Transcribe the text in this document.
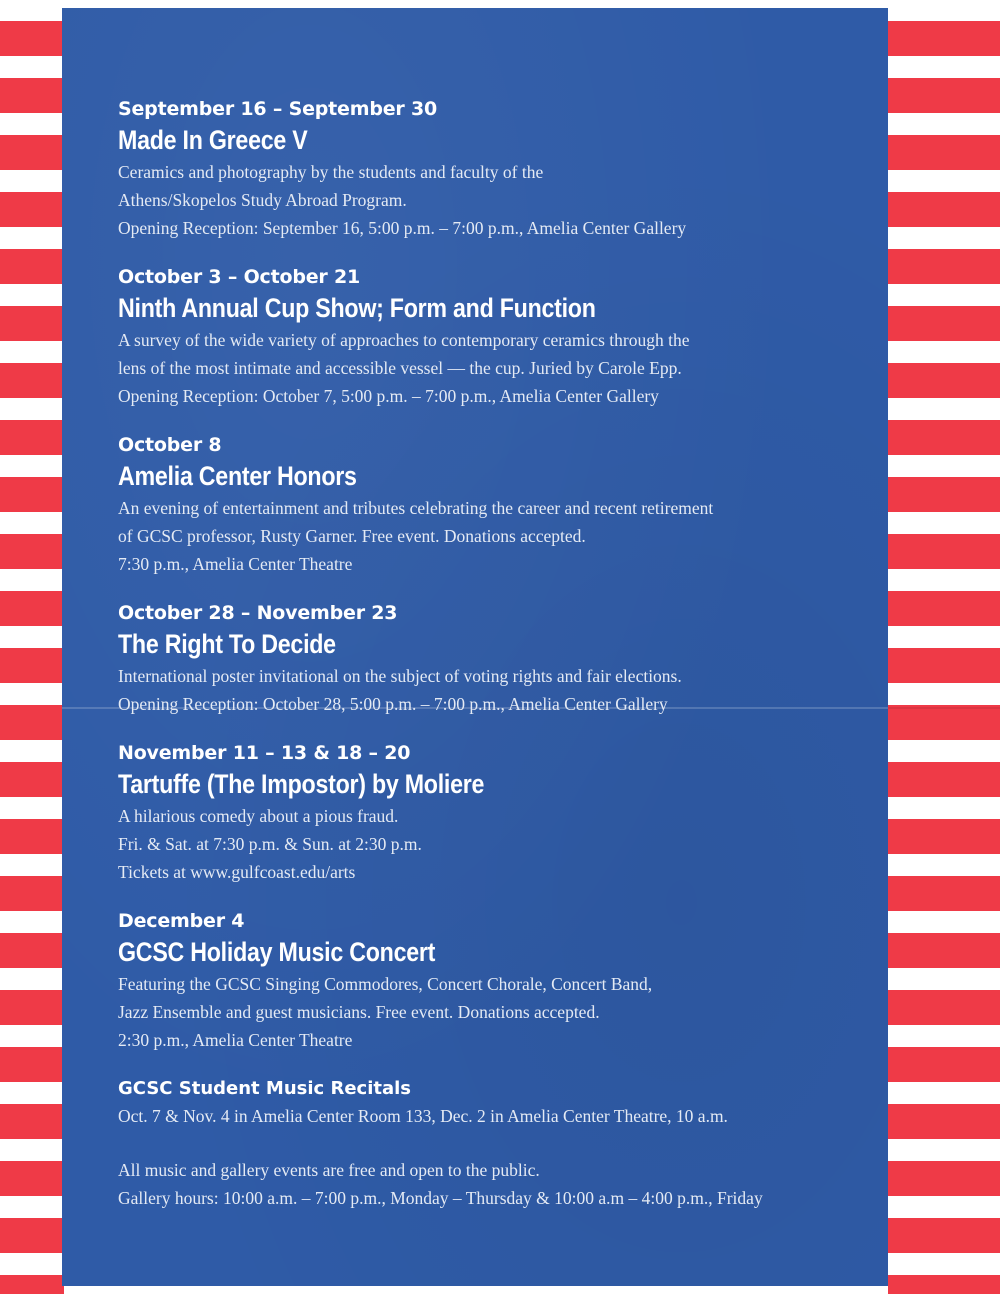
September 16 – September 30
Made In Greece V

Ceramics and photography by the students and faculty of the

Athens/Skopelos Study Abroad Program.

Opening Reception: September 16, 5:00 p.m. – 7:00 p.m., Amelia Center Gallery

October 3 – October 21
Ninth Annual Cup Show; Form and Function

A survey of the wide variety of approaches to contemporary ceramics through the

lens of the most intimate and accessible vessel — the cup. Juried by Carole Epp.

Opening Reception: October 7, 5:00 p.m. – 7:00 p.m., Amelia Center Gallery

October 8
Amelia Center Honors

An evening of entertainment and tributes celebrating the career and recent retirement

of GCSC professor, Rusty Garner. Free event. Donations accepted.

7:30 p.m., Amelia Center Theatre

October 28 – November 23
The Right To Decide

International poster invitational on the subject of voting rights and fair elections.

Opening Reception: October 28, 5:00 p.m. – 7:00 p.m., Amelia Center Gallery

November 11 – 13 & 18 – 20
Tartuffe (The Impostor) by Moliere

A hilarious comedy about a pious fraud.

Fri. & Sat. at 7:30 p.m. & Sun. at 2:30 p.m.

Tickets at www.gulfcoast.edu/arts

December 4
GCSC Holiday Music Concert

Featuring the GCSC Singing Commodores, Concert Chorale, Concert Band,

Jazz Ensemble and guest musicians. Free event. Donations accepted.

2:30 p.m., Amelia Center Theatre

GCSC Student Music Recitals

Oct. 7 & Nov. 4 in Amelia Center Room 133, Dec. 2 in Amelia Center Theatre, 10 a.m.

All music and gallery events are free and open to the public.

Gallery hours: 10:00 a.m. – 7:00 p.m., Monday – Thursday & 10:00 a.m – 4:00 p.m., Friday
